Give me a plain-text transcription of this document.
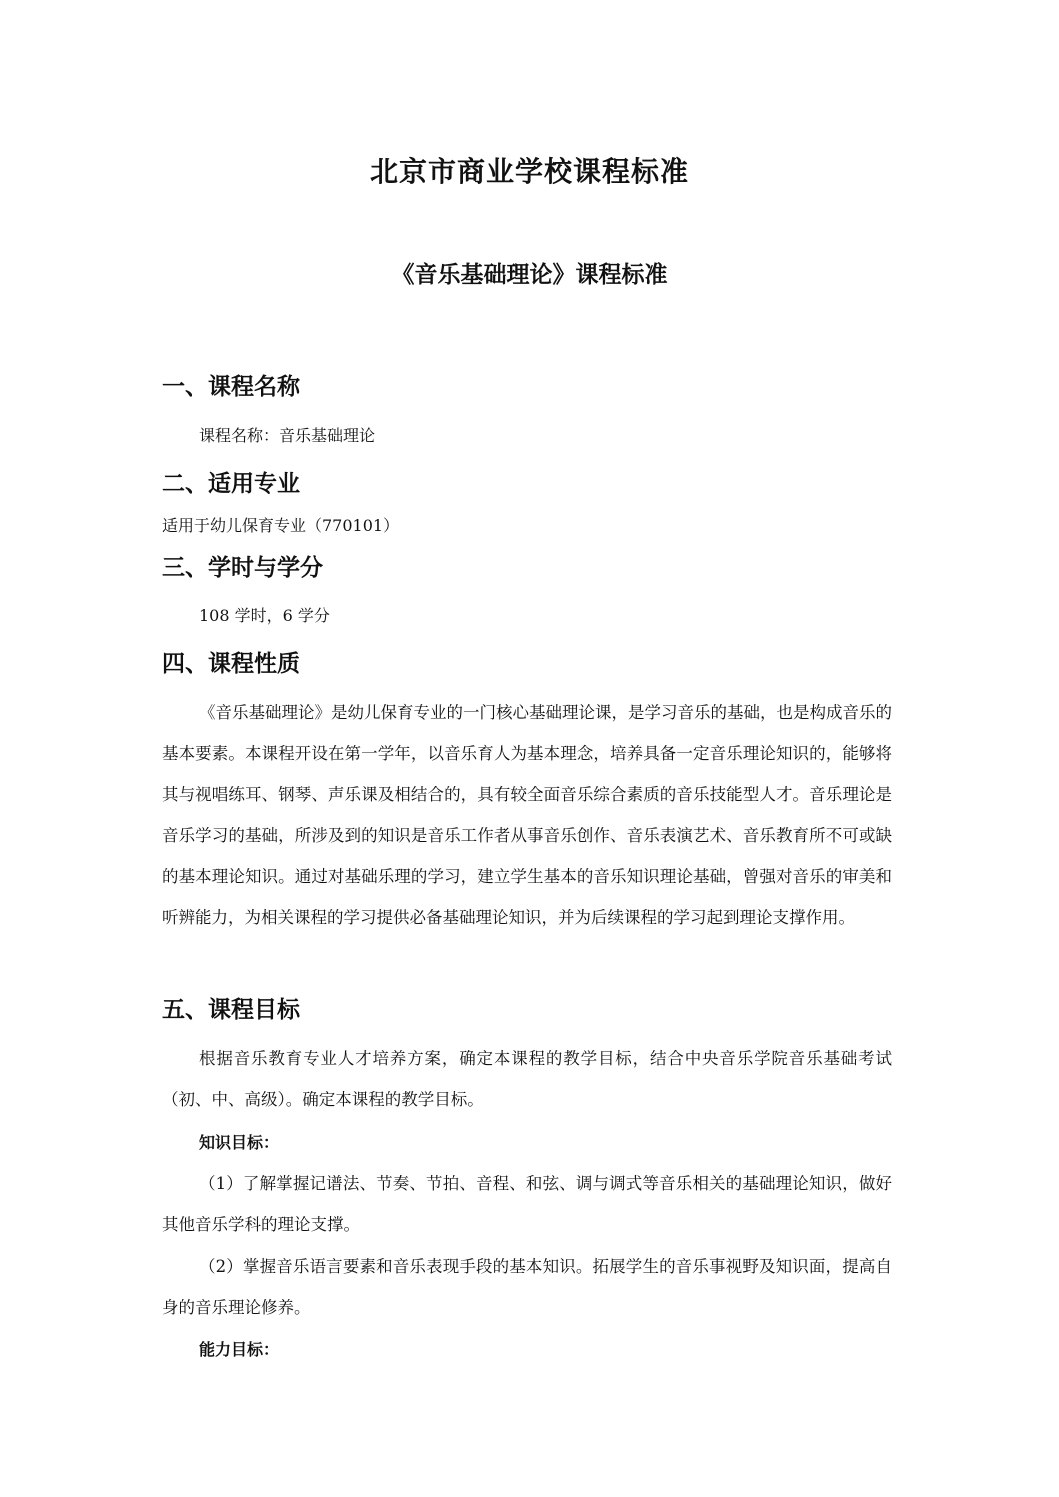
北京市商业学校课程标准
《音乐基础理论》课程标准
一、课程名称
课程名称：音乐基础理论
二、适用专业
适用于幼儿保育专业（770101）
三、学时与学分
108 学时，6 学分
四、课程性质
《音乐基础理论》是幼儿保育专业的一门核心基础理论课，是学习音乐的基础，也是构成音乐的基本要素。本课程开设在第一学年，以音乐育人为基本理念，培养具备一定音乐理论知识的，能够将其与视唱练耳、钢琴、声乐课及相结合的，具有较全面音乐综合素质的音乐技能型人才。音乐理论是音乐学习的基础，所涉及到的知识是音乐工作者从事音乐创作、音乐表演艺术、音乐教育所不可或缺的基本理论知识。通过对基础乐理的学习，建立学生基本的音乐知识理论基础，曾强对音乐的审美和听辨能力，为相关课程的学习提供必备基础理论知识，并为后续课程的学习起到理论支撑作用。
五、课程目标
根据音乐教育专业人才培养方案，确定本课程的教学目标，结合中央音乐学院音乐基础考试（初、中、高级）。确定本课程的教学目标。
知识目标：
（1）了解掌握记谱法、节奏、节拍、音程、和弦、调与调式等音乐相关的基础理论知识，做好其他音乐学科的理论支撑。
（2）掌握音乐语言要素和音乐表现手段的基本知识。拓展学生的音乐事视野及知识面，提高自身的音乐理论修养。
能力目标：
